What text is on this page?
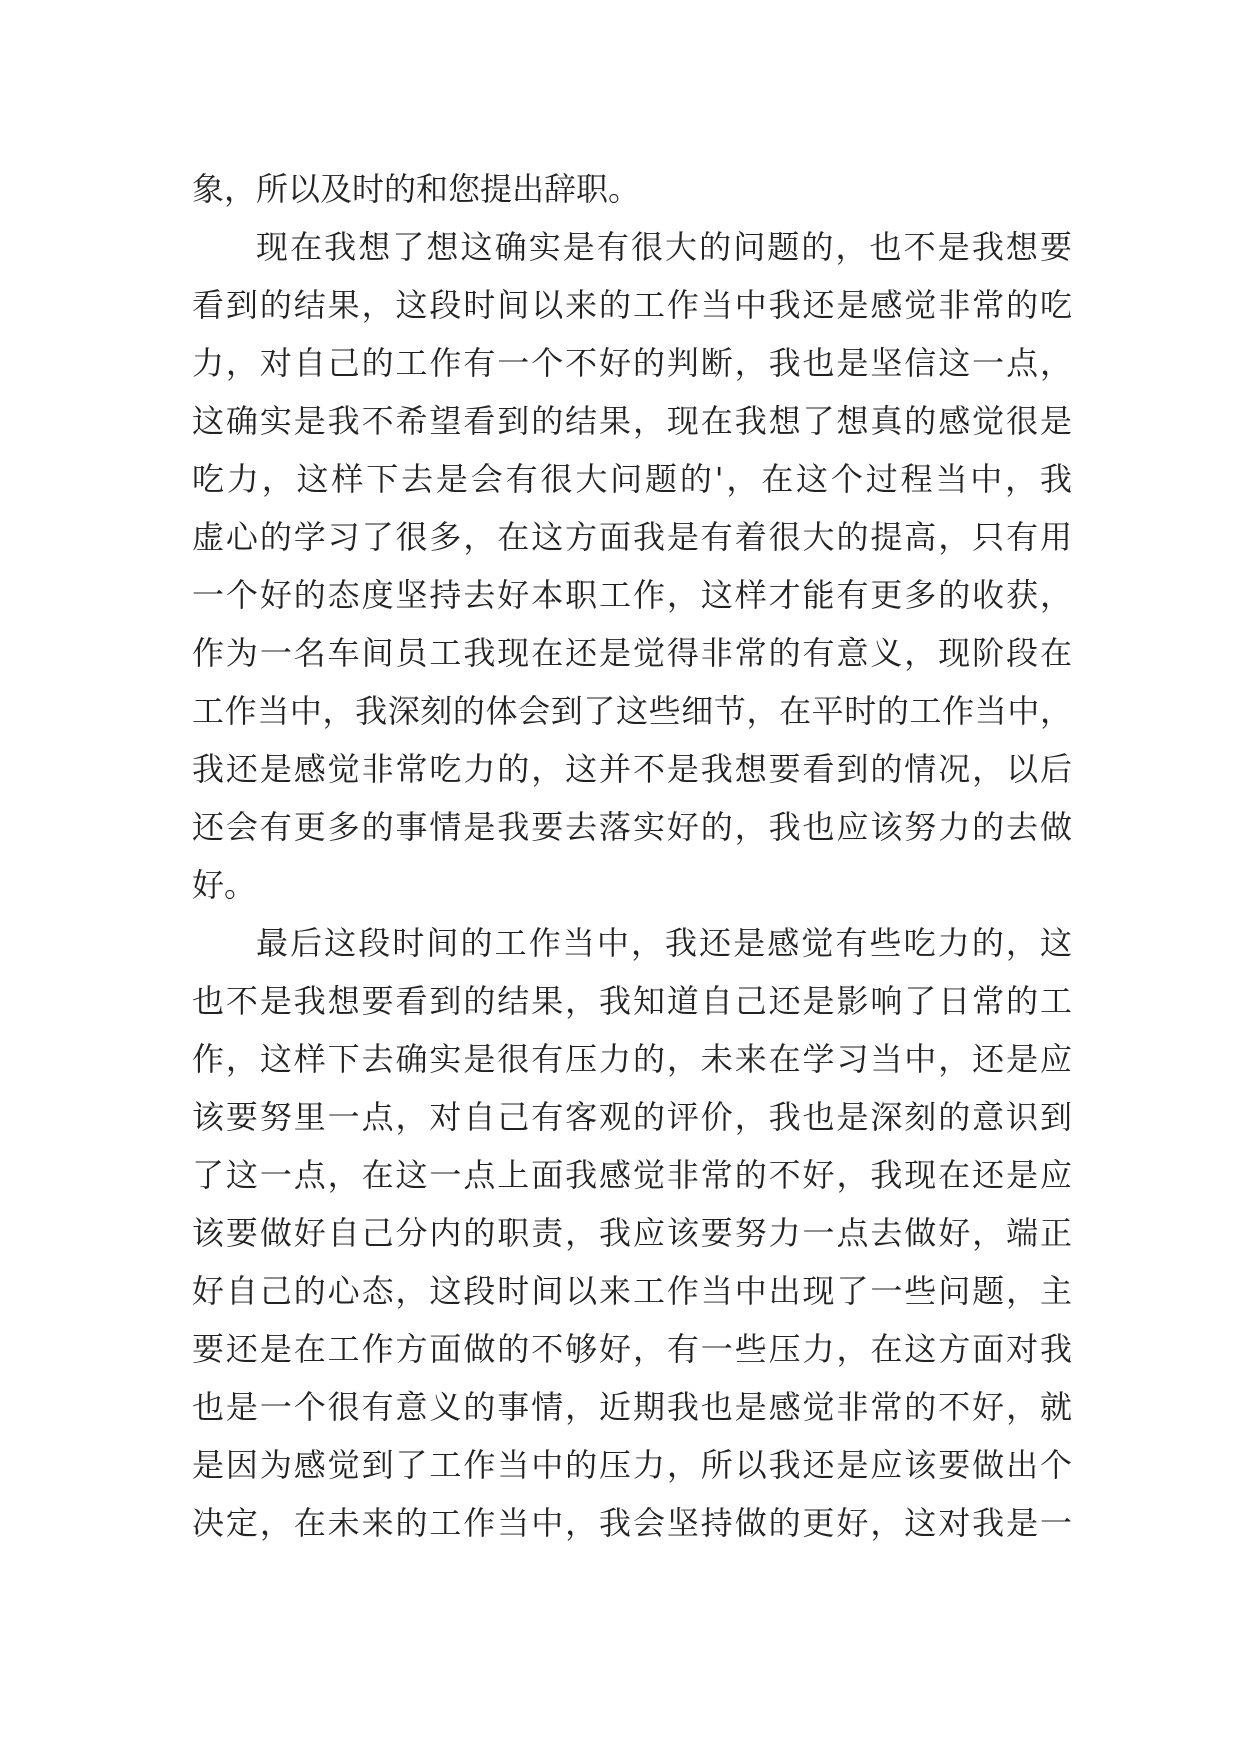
象，所以及时的和您提出辞职。
现在我想了想这确实是有很大的问题的，也不是我想要
看到的结果，这段时间以来的工作当中我还是感觉非常的吃
力，对自己的工作有一个不好的判断，我也是坚信这一点，
这确实是我不希望看到的结果，现在我想了想真的感觉很是
吃力，这样下去是会有很大问题的'，在这个过程当中，我
虚心的学习了很多，在这方面我是有着很大的提高，只有用
一个好的态度坚持去好本职工作，这样才能有更多的收获，
作为一名车间员工我现在还是觉得非常的有意义，现阶段在
工作当中，我深刻的体会到了这些细节，在平时的工作当中，
我还是感觉非常吃力的，这并不是我想要看到的情况，以后
还会有更多的事情是我要去落实好的，我也应该努力的去做
好。
最后这段时间的工作当中，我还是感觉有些吃力的，这
也不是我想要看到的结果，我知道自己还是影响了日常的工
作，这样下去确实是很有压力的，未来在学习当中，还是应
该要努里一点，对自己有客观的评价，我也是深刻的意识到
了这一点，在这一点上面我感觉非常的不好，我现在还是应
该要做好自己分内的职责，我应该要努力一点去做好，端正
好自己的心态，这段时间以来工作当中出现了一些问题，主
要还是在工作方面做的不够好，有一些压力，在这方面对我
也是一个很有意义的事情，近期我也是感觉非常的不好，就
是因为感觉到了工作当中的压力，所以我还是应该要做出个
决定，在未来的工作当中，我会坚持做的更好，这对我是一
